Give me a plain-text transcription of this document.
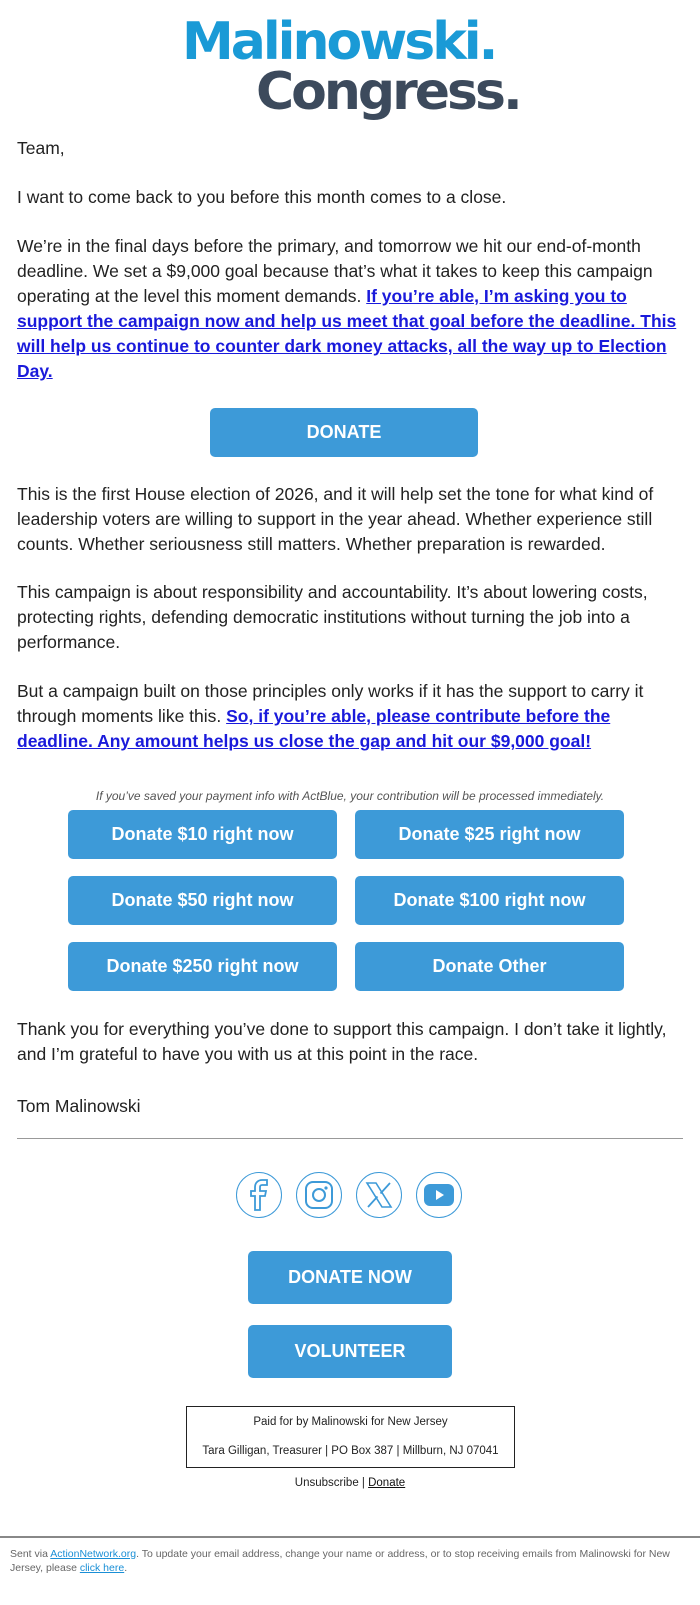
Malinowski.
Congress.

Team,

I want to come back to you before this month comes to a close.

We’re in the final days before the primary, and tomorrow we hit our end-of-month deadline. We set a $9,000 goal because that’s what it takes to keep this campaign operating at the level this moment demands. If you’re able, I’m asking you to support the campaign now and help us meet that goal before the deadline. This will help us continue to counter dark money attacks, all the way up to Election Day.

DONATE

This is the first House election of 2026, and it will help set the tone for what kind of leadership voters are willing to support in the year ahead. Whether experience still counts. Whether seriousness still matters. Whether preparation is rewarded.

This campaign is about responsibility and accountability. It’s about lowering costs, protecting rights, defending democratic institutions without turning the job into a performance.

But a campaign built on those principles only works if it has the support to carry it through moments like this. So, if you’re able, please contribute before the deadline. Any amount helps us close the gap and hit our $9,000 goal!

If you’ve saved your payment info with ActBlue, your contribution will be processed immediately.
Donate $10 right now	Donate $25 right now
Donate $50 right now	Donate $100 right now
Donate $250 right now	Donate Other

Thank you for everything you’ve done to support this campaign. I don’t take it lightly, and I’m grateful to have you with us at this point in the race.

Tom Malinowski

DONATE NOW
VOLUNTEER
Paid for by Malinowski for New Jersey
Tara Gilligan, Treasurer | PO Box 387 | Millburn, NJ 07041
Unsubscribe | Donate
Sent via ActionNetwork.org. To update your email address, change your name or address, or to stop receiving emails from Malinowski for New Jersey, please click here.
